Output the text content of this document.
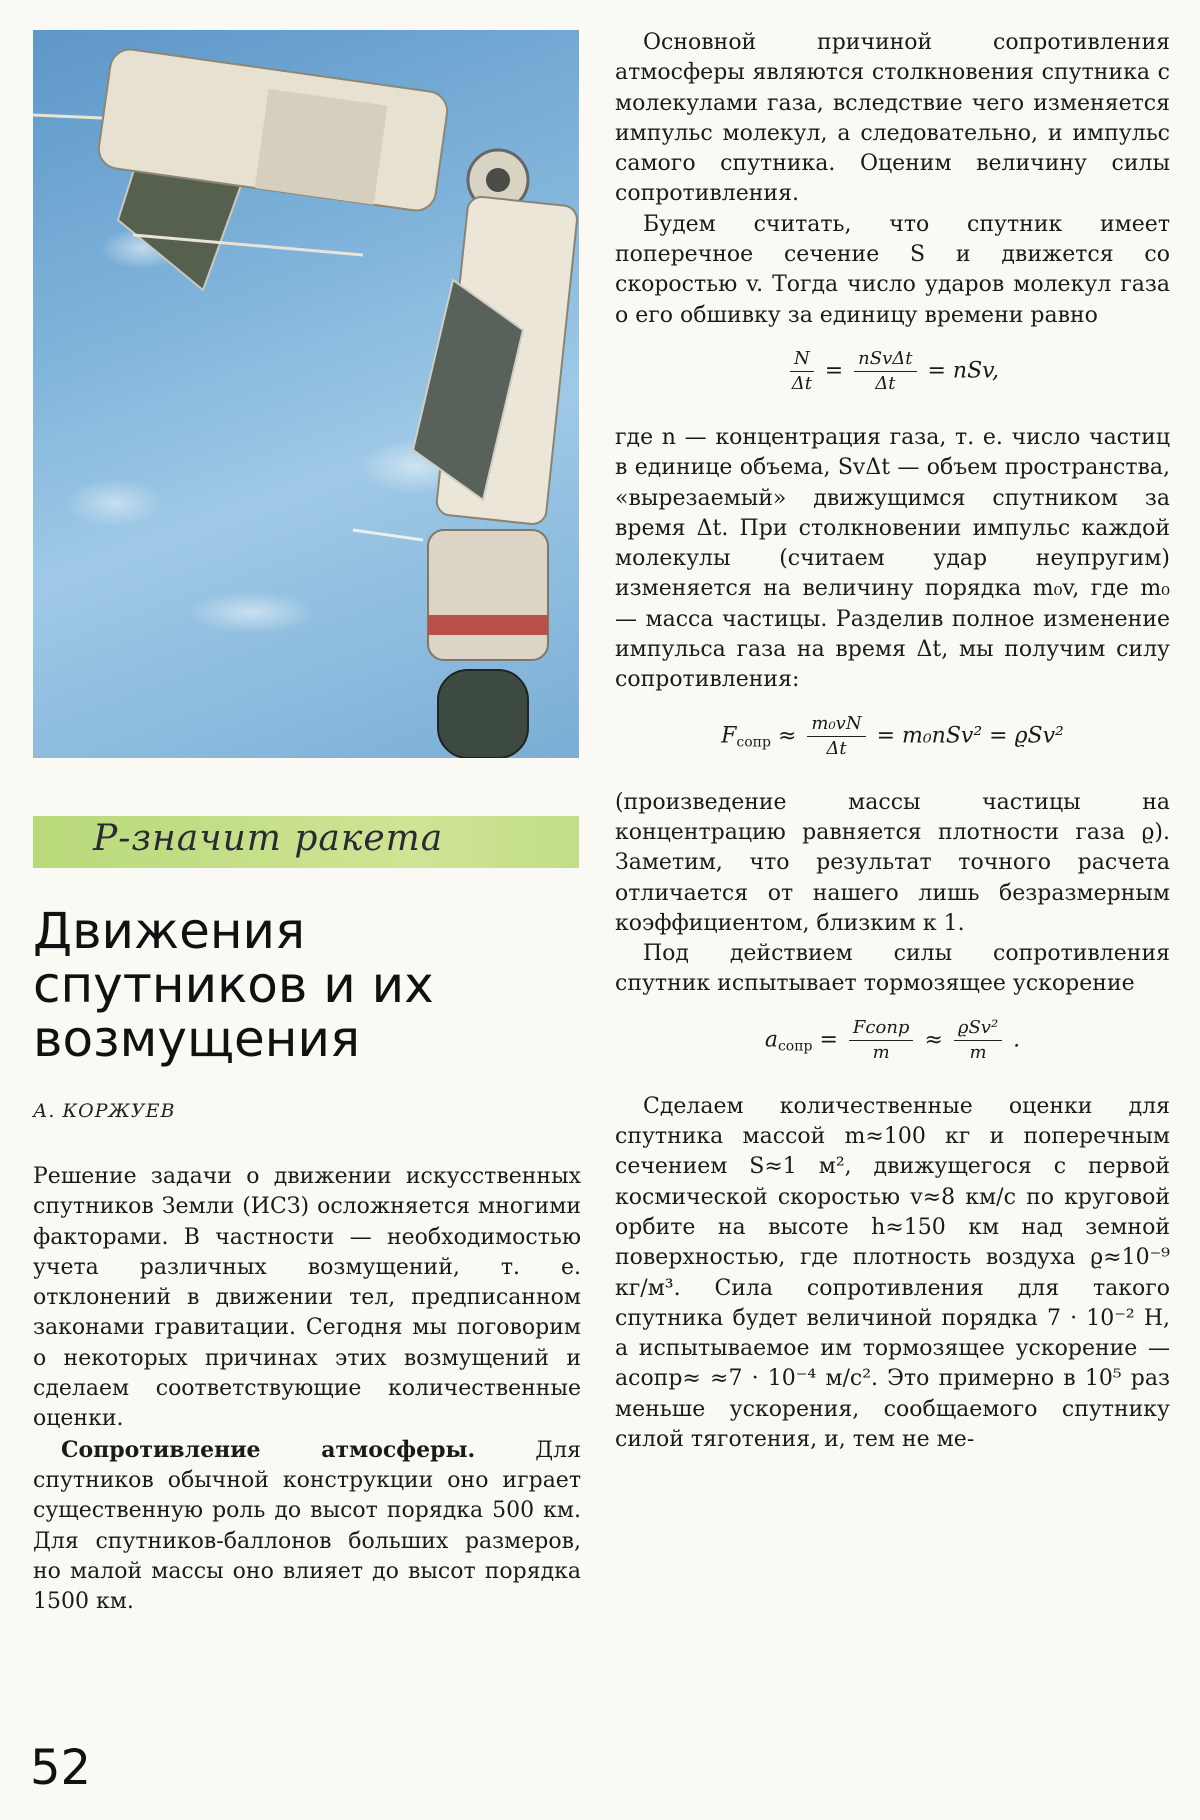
Р-значит ракета
Движения спутников и их возмущения
А. КОРЖУЕВ

Решение задачи о движении искусственных спутников Земли (ИСЗ) осложняется многими факторами. В частности — необходимостью учета различных возмущений, т. е. отклонений в движении тел, предписанном законами гравитации. Сегодня мы поговорим о некоторых причинах этих возмущений и сделаем соответствующие количественные оценки.

Сопротивление атмосферы. Для спутников обычной конструкции оно играет существенную роль до высот порядка 500 км. Для спутников-баллонов больших размеров, но малой массы оно влияет до высот порядка 1500 км.

Основной причиной сопротивления атмосферы являются столкновения спутника с молекулами газа, вследствие чего изменяется импульс молекул, а следовательно, и импульс самого спутника. Оценим величину силы сопротивления.

Будем считать, что спутник имеет поперечное сечение S и движется со скоростью v. Тогда число ударов молекул газа о его обшивку за единицу времени равно

$\frac{N}{\Delta t} = \frac{\text{nSvΔt}}{\Delta t}$ = nSv,

где n — концентрация газа, т. е. число частиц в единице объема, SvΔt — объем пространства, «вырезаемый» движущимся спутником за время Δt. При столкновении импульс каждой молекулы (считаем удар неупругим) изменяется на величину порядка m₀v, где m₀ — масса частицы. Разделив полное изменение импульса газа на время Δt, мы получим силу сопротивления:

$F_{сопр} \approx \frac{\text{m₀vN}}{\Delta t} = m_0nSv^2 = ϱSv^2$

(произведение массы частицы на концентрацию равняется плотности газа ϱ). Заметим, что результат точного расчета отличается от нашего лишь безразмерным коэффициентом, близким к 1.

Под действием силы сопротивления спутник испытывает тормозящее ускорение

$a_{сопр} = \frac{\text{Fсопр}}{m} \approx \frac{\text{ϱSv²}}{m}$ .

Сделаем количественные оценки для спутника массой m≈100 кг и поперечным сечением S≈1 м², движущегося с первой космической скоростью v≈8 км/с по круговой орбите на высоте h≈150 км над земной поверхностью, где плотность воздуха ϱ≈10⁻⁹ кг/м³. Сила сопротивления для такого спутника будет величиной порядка 7 · 10⁻² Н, а испытываемое им тормозящее ускорение — aсопр≈ ≈7 · 10⁻⁴ м/с². Это примерно в 10⁵ раз меньше ускорения, сообщаемого спутнику силой тяготения, и, тем не ме-

52
